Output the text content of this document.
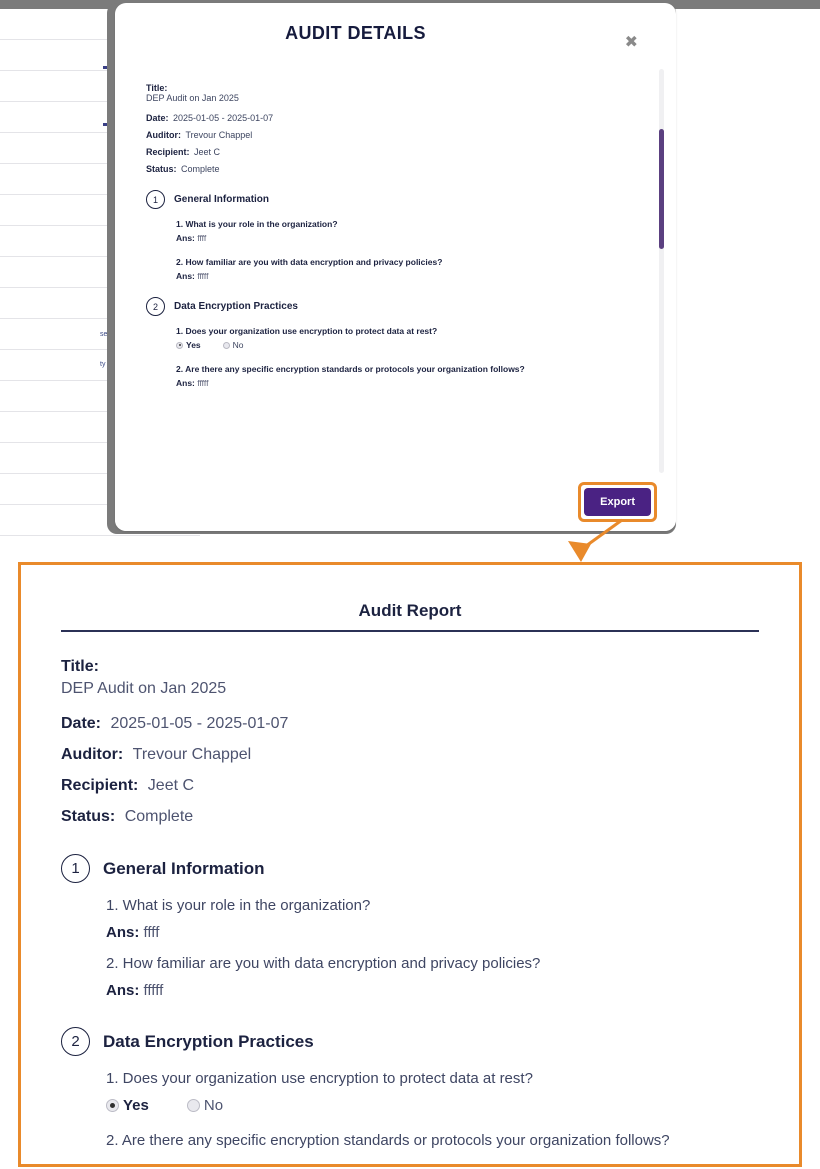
se
ty
AUDIT DETAILS	✖
Title:
DEP Audit on Jan 2025
Date: 2025-01-05 - 2025-01-07
Auditor: Trevour Chappel
Recipient: Jeet C
Status: Complete
1	General Information
1. What is your role in the organization?
Ans: ffff
2. How familiar are you with data encryption and privacy policies?
Ans: fffff
2	Data Encryption Practices
1. Does your organization use encryption to protect data at rest?
Yes	No
2. Are there any specific encryption standards or protocols your organization follows?
Ans: fffff
Export
Audit Report
Title:
DEP Audit on Jan 2025
Date: 2025-01-05 - 2025-01-07
Auditor: Trevour Chappel
Recipient: Jeet C
Status: Complete
1	General Information
1. What is your role in the organization?
Ans: ffff
2. How familiar are you with data encryption and privacy policies?
Ans: fffff
2	Data Encryption Practices
1. Does your organization use encryption to protect data at rest?
Yes	No
2. Are there any specific encryption standards or protocols your organization follows?
